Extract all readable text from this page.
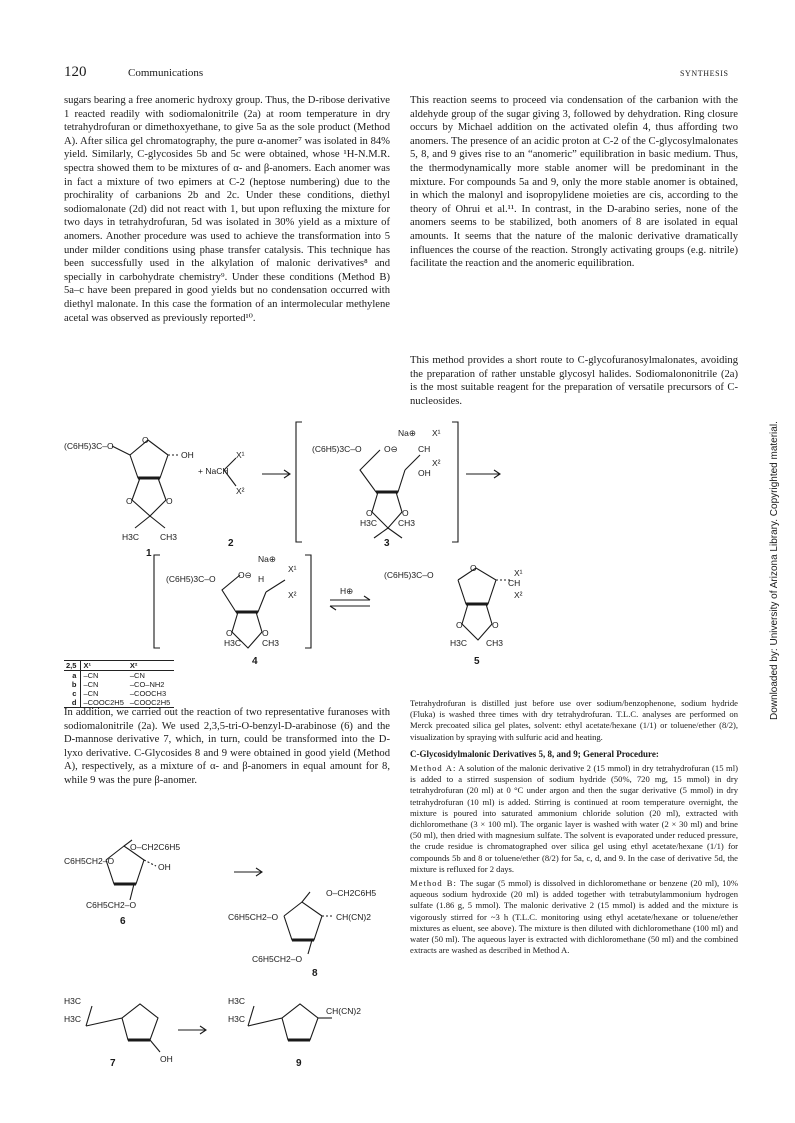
120	Communications	SYNTHESIS

sugars bearing a free anomeric hydroxy group. Thus, the D-ribose derivative 1 reacted readily with sodiomalonitrile (2a) at room temperature in dry tetrahydrofuran or dimethoxyethane, to give 5a as the sole product (Method A). After silica gel chromatography, the pure α-anomer⁷ was isolated in 84% yield. Similarly, C-glycosides 5b and 5c were obtained, whose ¹H-N.M.R. spectra showed them to be mixtures of α- and β-anomers. Each anomer was in fact a mixture of two epimers at C-2 (heptose numbering) due to the prochirality of carbanions 2b and 2c. Under these conditions, diethyl sodiomalonate (2d) did not react with 1, but upon refluxing the mixture for two days in tetrahydrofuran, 5d was isolated in 30% yield as a mixture of anomers. Another procedure was used to achieve the transformation into 5 under milder conditions using phase transfer catalysis. This technique has been successfully used in the alkylation of malonic derivatives⁸ and specially in carbohydrate chemistry⁹. Under these conditions (Method B) 5a–c have been prepared in good yields but no condensation occurred with diethyl malonate. In this case the formation of an intermolecular methylene acetal was observed as previously reported¹⁰.

This reaction seems to proceed via condensation of the carbanion with the aldehyde group of the sugar giving 3, followed by dehydration. Ring closure occurs by Michael addition on the activated olefin 4, thus affording two anomers. The presence of an acidic proton at C-2 of the C-glycosylmalonates 5, 8, and 9 gives rise to an “anomeric” equilibration in basic medium. Thus, the thermodynamically more stable anomer will be predominant in the mixture. For compounds 5a and 9, only the more stable anomer is obtained, in which the malonyl and isopropylidene moieties are cis, according to the theory of Ohrui et al.¹¹. In contrast, in the D-arabino series, none of the anomers seems to be stabilized, both anomers of 8 are isolated in equal amounts. It seems that the nature of the malonic derivative dramatically influences the course of the reaction. Strongly activating groups (e.g. nitrile) facilitate the reaction and the anomeric equilibration.

This method provides a short route to C-glycofuranosylmalonates, avoiding the preparation of rather unstable glycosyl halides. Sodiomalononitrile (2a) is the most suitable reagent for the preparation of versatile precursors of C-nucleosides.

(C6H5)3C–O
OH
O
O	O
H3C CH3
1
X¹
+ NaCH
X²
2
Na⊕ X¹
(C6H5)3C–O	O⊖ CH
X²
OH
O	O
H3C CH3
3
Na⊕
(C6H5)3C–O	O⊖ H
X¹
X²
O	O
H3C CH3
4
H⊕
(C6H5)3C–O
O	X¹
CH
X²
O	O
H3C CH3
5
C6H5CH2–O
O–CH2C6H5
OH
C6H5CH2–O
6
O–CH2C6H5
C6H5CH2–O	CH(CN)2
C6H5CH2–O
8
H3C
H3C
OH
7
H3C
H3C
CH(CN)2
9
2,5	X¹	X²
a	–CN	–CN
b	–CN	–CO–NH2
c	–CN	–COOCH3
d	–COOC2H5	–COOC2H5

In addition, we carried out the reaction of two representative furanoses with sodiomalonitrile (2a). We used 2,3,5-tri-O-benzyl-D-arabinose (6) and the D-mannose derivative 7, which, in turn, could be transformed into the D-lyxo derivative. C-Glycosides 8 and 9 were obtained in good yield (Method A), respectively, as a mixture of α- and β-anomers in equal amount for 8, while 9 was the pure β-anomer.

Tetrahydrofuran is distilled just before use over sodium/benzophenone, sodium hydride (Fluka) is washed three times with dry tetrahydrofuran. T.L.C. analyses are performed on Merck precoated silica gel plates, solvent: ethyl acetate/hexane (1/1) or toluene/ether (8/2), visualization by spraying with sulfuric acid and heating.

C-Glycosidylmalonic Derivatives 5, 8, and 9; General Procedure:

Method A: A solution of the malonic derivative 2 (15 mmol) in dry tetrahydrofuran (15 ml) is added to a stirred suspension of sodium hydride (50%, 720 mg, 15 mmol) in dry tetrahydrofuran (20 ml) at 0 °C under argon and then the sugar derivative (5 mmol) in dry tetrahydrofuran (10 ml) is added. Stirring is continued at room temperature overnight, the mixture is poured into saturated ammonium chloride solution (20 ml), extracted with dichloromethane (3 × 100 ml). The organic layer is washed with water (2 × 30 ml) and brine (50 ml), then dried with magnesium sulfate. The solvent is evaporated under reduced pressure, the crude residue is chromatographed over silica gel using ethyl acetate/hexane (1/1) for compounds 5b and 8 or toluene/ether (8/2) for 5a, c, d, and 9. In the case of derivative 5d, the mixture is refluxed for 2 days.

Method B: The sugar (5 mmol) is dissolved in dichloromethane or benzene (20 ml), 10% aqueous sodium hydroxide (20 ml) is added together with tetrabutylammonium hydrogen sulfate (1.86 g, 5 mmol). The malonic derivative 2 (15 mmol) is added and the mixture is vigorously stirred for ~3 h (T.L.C. monitoring using ethyl acetate/hexane or toluene/ether mixtures as eluent, see above). The mixture is then diluted with dichloromethane (100 ml) and water (50 ml). The aqueous layer is extracted with dichloromethane (50 ml) and the combined extracts are washed as described in Method A.

Downloaded by: University of Arizona Library. Copyrighted material.
